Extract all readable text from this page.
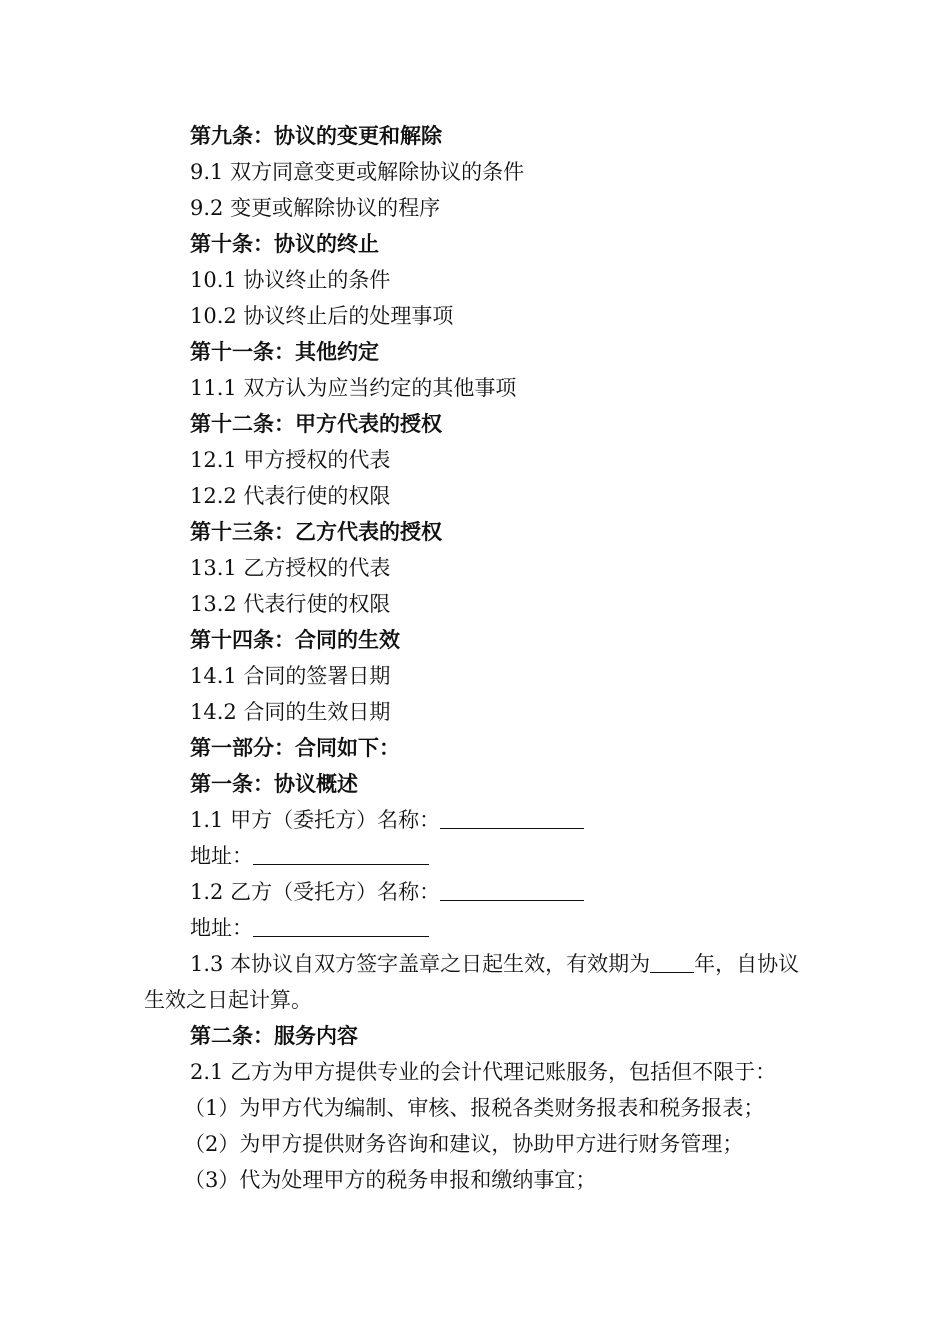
第九条：协议的变更和解除
9.1 双方同意变更或解除协议的条件
9.2 变更或解除协议的程序
第十条：协议的终止
10.1 协议终止的条件
10.2 协议终止后的处理事项
第十一条：其他约定
11.1 双方认为应当约定的其他事项
第十二条：甲方代表的授权
12.1 甲方授权的代表
12.2 代表行使的权限
第十三条：乙方代表的授权
13.1 乙方授权的代表
13.2 代表行使的权限
第十四条：合同的生效
14.1 合同的签署日期
14.2 合同的生效日期
第一部分：合同如下：
第一条：协议概述
1.1 甲方（委托方）名称：
地址：
1.2 乙方（受托方）名称：
地址：
1.3 本协议自双方签字盖章之日起生效，有效期为 年，自协议生效之日起计算。
第二条：服务内容
2.1 乙方为甲方提供专业的会计代理记账服务，包括但不限于：
（1）为甲方代为编制、审核、报税各类财务报表和税务报表；
（2）为甲方提供财务咨询和建议，协助甲方进行财务管理；
（3）代为处理甲方的税务申报和缴纳事宜；
